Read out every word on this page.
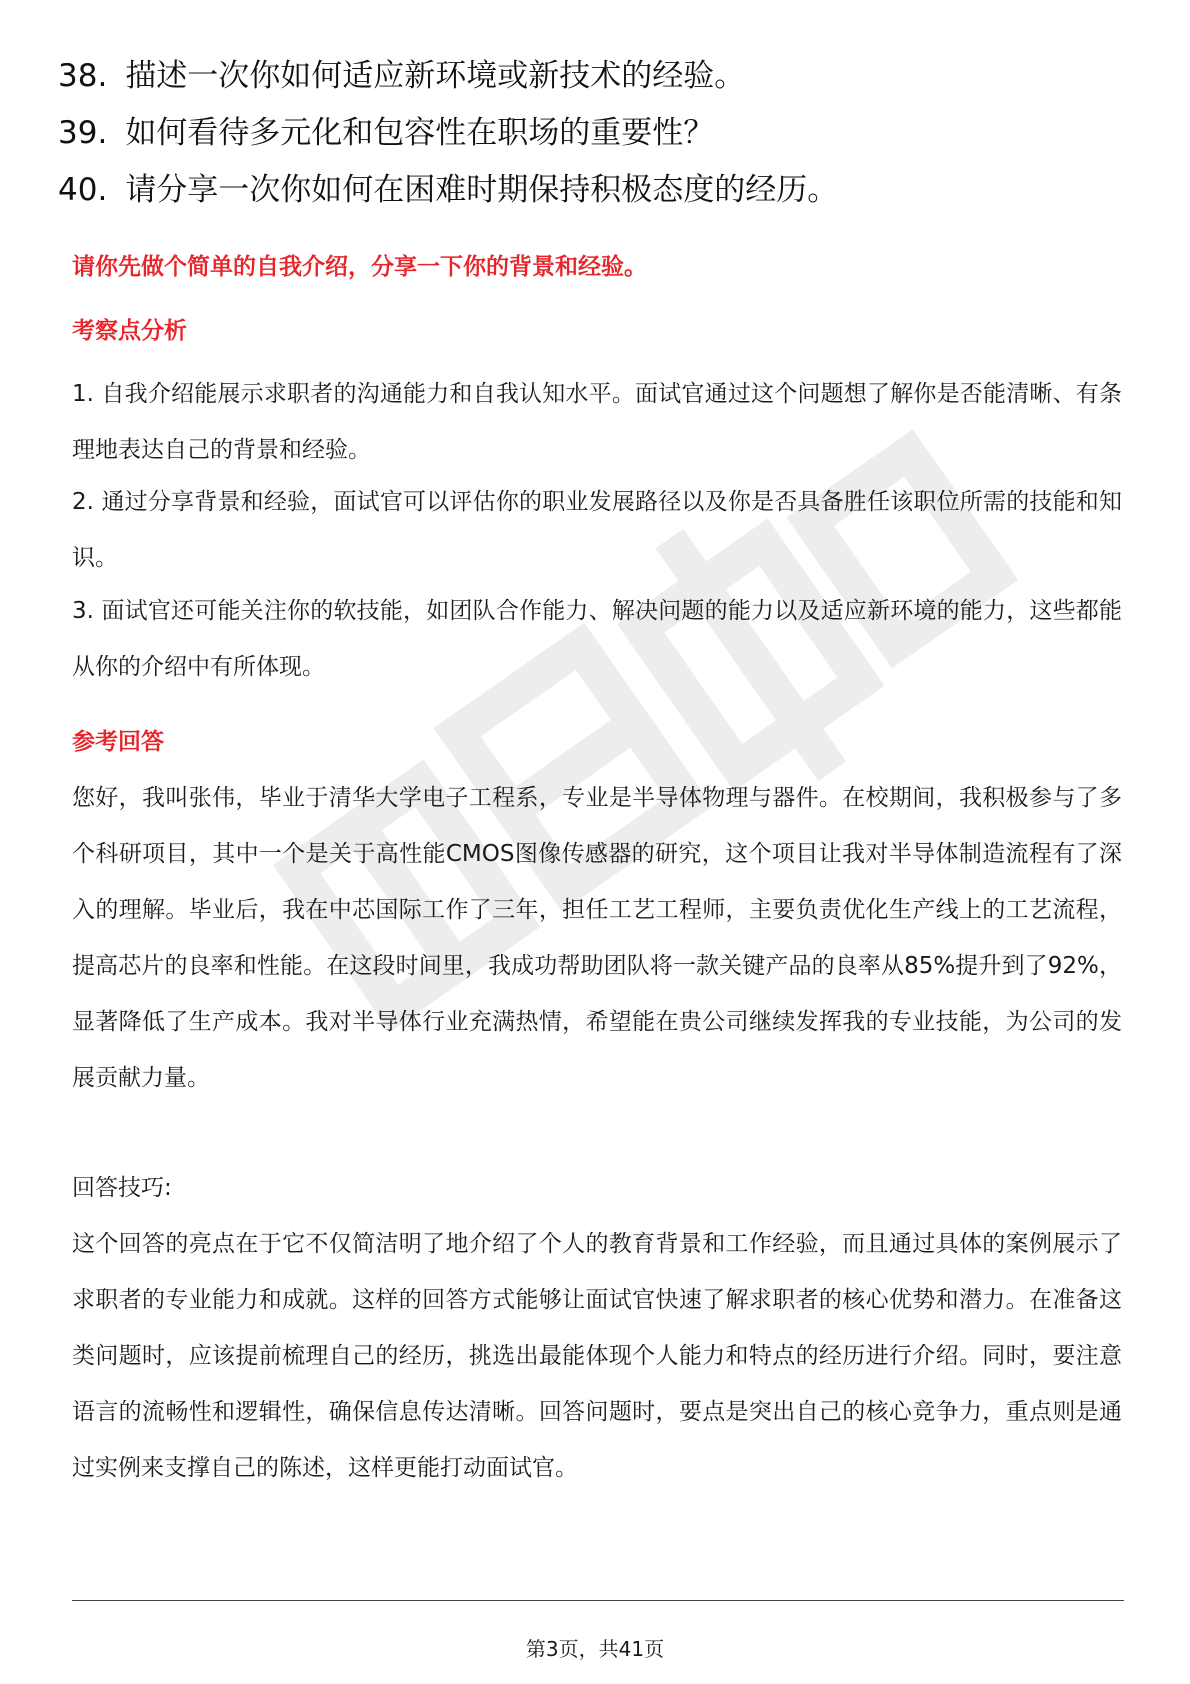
38. 描述一次你如何适应新环境或新技术的经验。
39. 如何看待多元化和包容性在职场的重要性？
40. 请分享一次你如何在困难时期保持积极态度的经历。
请你先做个简单的自我介绍，分享一下你的背景和经验。
考察点分析

1. 自我介绍能展示求职者的沟通能力和自我认知水平。面试官通过这个问题想了解你是否能清晰、有条理地表达自己的背景和经验。

2. 通过分享背景和经验，面试官可以评估你的职业发展路径以及你是否具备胜任该职位所需的技能和知识。

3. 面试官还可能关注你的软技能，如团队合作能力、解决问题的能力以及适应新环境的能力，这些都能从你的介绍中有所体现。

参考回答

您好，我叫张伟，毕业于清华大学电子工程系，专业是半导体物理与器件。在校期间，我积极参与了多个科研项目，其中一个是关于高性能CMOS图像传感器的研究，这个项目让我对半导体制造流程有了深入的理解。毕业后，我在中芯国际工作了三年，担任工艺工程师，主要负责优化生产线上的工艺流程，提高芯片的良率和性能。在这段时间里，我成功帮助团队将一款关键产品的良率从85%提升到了92%，显著降低了生产成本。我对半导体行业充满热情，希望能在贵公司继续发挥我的专业技能，为公司的发展贡献力量。

回答技巧:

这个回答的亮点在于它不仅简洁明了地介绍了个人的教育背景和工作经验，而且通过具体的案例展示了求职者的专业能力和成就。这样的回答方式能够让面试官快速了解求职者的核心优势和潜力。在准备这类问题时，应该提前梳理自己的经历，挑选出最能体现个人能力和特点的经历进行介绍。同时，要注意语言的流畅性和逻辑性，确保信息传达清晰。回答问题时，要点是突出自己的核心竞争力，重点则是通过实例来支撑自己的陈述，这样更能打动面试官。

第3页，共41页
